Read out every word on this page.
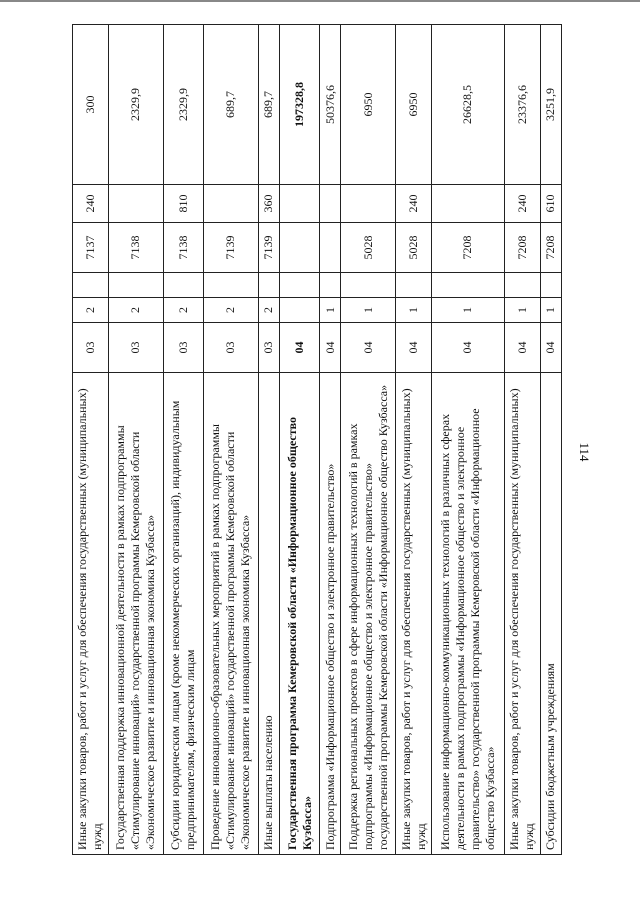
114
Иные закупки товаров, работ и услуг для обеспечения государственных (муниципальных) нужд	03	2		7137	240	300
Государственная поддержка инновационной деятельности в рамках подпрограммы «Стимулирование инноваций» государственной программы Кемеровской области «Экономическое развитие и инновационная экономика Кузбасса»	03	2		7138		2329,9
Субсидии юридическим лицам (кроме некоммерческих организаций), индивидуальным предпринимателям, физическим лицам	03	2		7138	810	2329,9
Проведение инновационно-образовательных мероприятий в рамках подпрограммы «Стимулирование инноваций» государственной программы Кемеровской области «Экономическое развитие и инновационная экономика Кузбасса»	03	2		7139		689,7
Иные выплаты населению	03	2		7139	360	689,7
Государственная программа Кемеровской области «Информационное общество Кузбасса»	04					197328,8
Подпрограмма «Информационное общество и электронное правительство»	04	1				50376,6
Поддержка региональных проектов в сфере информационных технологий в рамках подпрограммы «Информационное общество и электронное правительство» государственной программы Кемеровской области «Информационное общество Кузбасса»	04	1		5028		6950
Иные закупки товаров, работ и услуг для обеспечения государственных (муниципальных) нужд	04	1		5028	240	6950
Использование информационно-коммуникационных технологий в различных сферах деятельности в рамках подпрограммы «Информационное общество и электронное правительство» государственной программы Кемеровской области «Информационное общество Кузбасса»	04	1		7208		26628,5
Иные закупки товаров, работ и услуг для обеспечения государственных (муниципальных) нужд	04	1		7208	240	23376,6
Субсидии бюджетным учреждениям	04	1		7208	610	3251,9
